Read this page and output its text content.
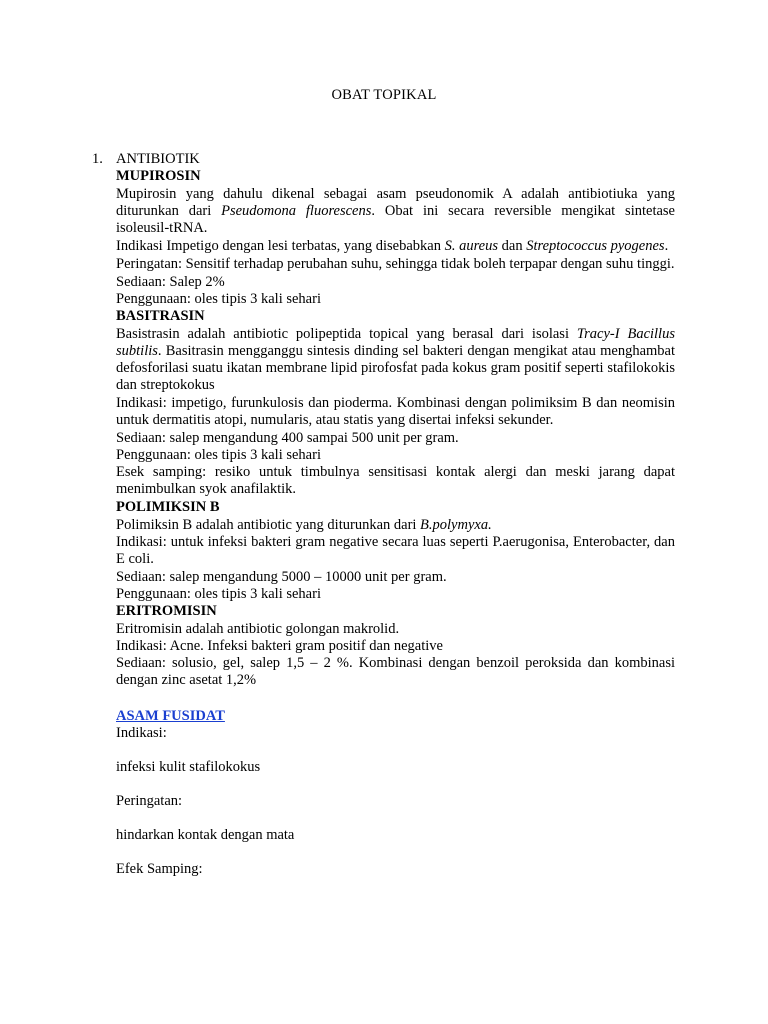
OBAT TOPIKAL
1. ANTIBIOTIK

MUPIROSIN

Mupirosin yang dahulu dikenal sebagai asam pseudonomik A adalah antibiotiuka yang diturunkan dari Pseudomona fluorescens. Obat ini secara reversible mengikat sintetase isoleusil-tRNA.

Indikasi Impetigo dengan lesi terbatas, yang disebabkan S. aureus dan Streptococcus pyogenes.

Peringatan: Sensitif terhadap perubahan suhu, sehingga tidak boleh terpapar dengan suhu tinggi.

Sediaan: Salep 2%

Penggunaan: oles tipis 3 kali sehari

BASITRASIN

Basistrasin adalah antibiotic polipeptida topical yang berasal dari isolasi Tracy-I Bacillus subtilis. Basitrasin mengganggu sintesis dinding sel bakteri dengan mengikat atau menghambat defosforilasi suatu ikatan membrane lipid pirofosfat pada kokus gram positif seperti stafilokokis dan streptokokus

Indikasi: impetigo, furunkulosis dan pioderma. Kombinasi dengan polimiksim B dan neomisin untuk dermatitis atopi, numularis, atau statis yang disertai infeksi sekunder.

Sediaan: salep mengandung 400 sampai 500 unit per gram.

Penggunaan: oles tipis 3 kali sehari

Esek samping: resiko untuk timbulnya sensitisasi kontak alergi dan meski jarang dapat menimbulkan syok anafilaktik.

POLIMIKSIN B

Polimiksin B adalah antibiotic yang diturunkan dari B.polymyxa.

Indikasi: untuk infeksi bakteri gram negative secara luas seperti P.aerugonisa, Enterobacter, dan E coli.

Sediaan: salep mengandung 5000 – 10000 unit per gram.

Penggunaan: oles tipis 3 kali sehari

ERITROMISIN

Eritromisin adalah antibiotic golongan makrolid.

Indikasi: Acne. Infeksi bakteri gram positif dan negative

Sediaan: solusio, gel, salep 1,5 – 2 %. Kombinasi dengan benzoil peroksida dan kombinasi dengan zinc asetat 1,2%

ASAM FUSIDAT

Indikasi:

infeksi kulit stafilokokus

Peringatan:

hindarkan kontak dengan mata

Efek Samping:
